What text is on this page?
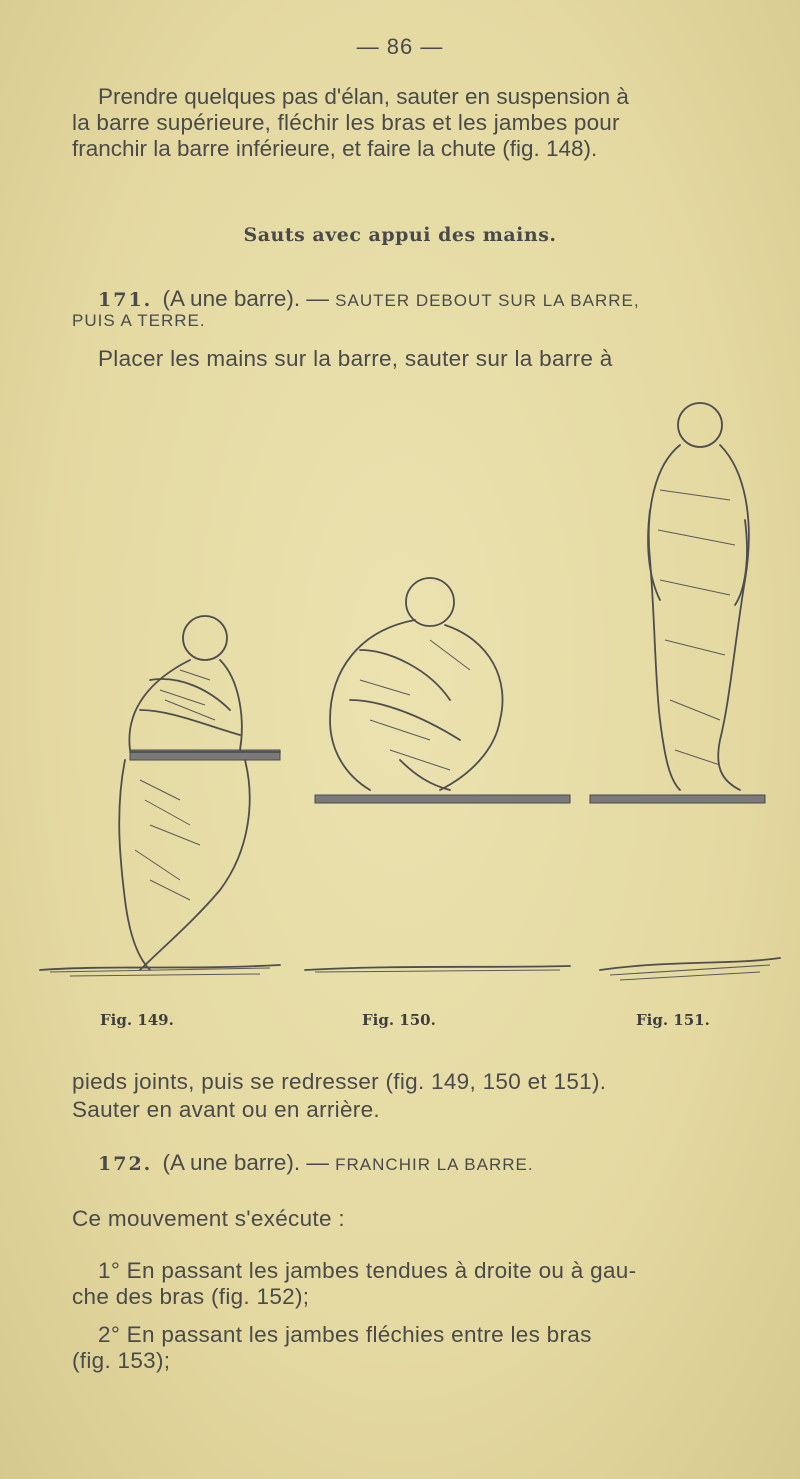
— 86 —
Prendre quelques pas d'élan, sauter en suspension à
la barre supérieure, fléchir les bras et les jambes pour
franchir la barre inférieure, et faire la chute (fig. 148).
Sauts avec appui des mains.
171. (A une barre). — SAUTER DEBOUT SUR LA BARRE,
PUIS A TERRE.
Placer les mains sur la barre, sauter sur la barre à
Fig. 149.	Fig. 150.	Fig. 151.
pieds joints, puis se redresser (fig. 149, 150 et 151).
Sauter en avant ou en arrière.
172. (A une barre). — FRANCHIR LA BARRE.
Ce mouvement s'exécute :
1° En passant les jambes tendues à droite ou à gau-
che des bras (fig. 152);
2° En passant les jambes fléchies entre les bras
(fig. 153);
